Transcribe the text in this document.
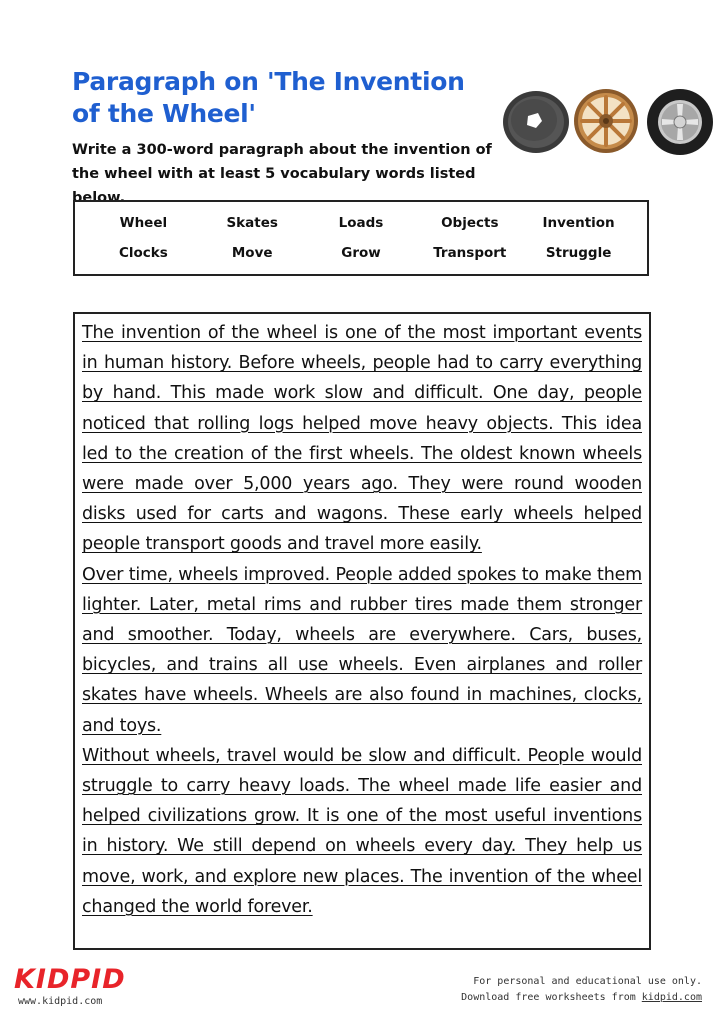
Paragraph on 'The Invention of the Wheel'

Write a 300-word paragraph about the invention of the wheel with at least 5 vocabulary words listed below.

Wheel	Skates	Loads	Objects	Invention
Clocks	Move	Grow	Transport	Struggle

The invention of the wheel is one of the most important events in human history. Before wheels, people had to carry everything by hand. This made work slow and difficult. One day, people noticed that rolling logs helped move heavy objects. This idea led to the creation of the first wheels. The oldest known wheels were made over 5,000 years ago. They were round wooden disks used for carts and wagons. These early wheels helped people transport goods and travel more easily.

Over time, wheels improved. People added spokes to make them lighter. Later, metal rims and rubber tires made them stronger and smoother. Today, wheels are everywhere. Cars, buses, bicycles, and trains all use wheels. Even airplanes and roller skates have wheels. Wheels are also found in machines, clocks, and toys.

Without wheels, travel would be slow and difficult. People would struggle to carry heavy loads. The wheel made life easier and helped civilizations grow. It is one of the most useful inventions in history. We still depend on wheels every day. They help us move, work, and explore new places. The invention of the wheel changed the world forever.

KIDPID
www.kidpid.com
For personal and educational use only.
Download free worksheets from kidpid.com
